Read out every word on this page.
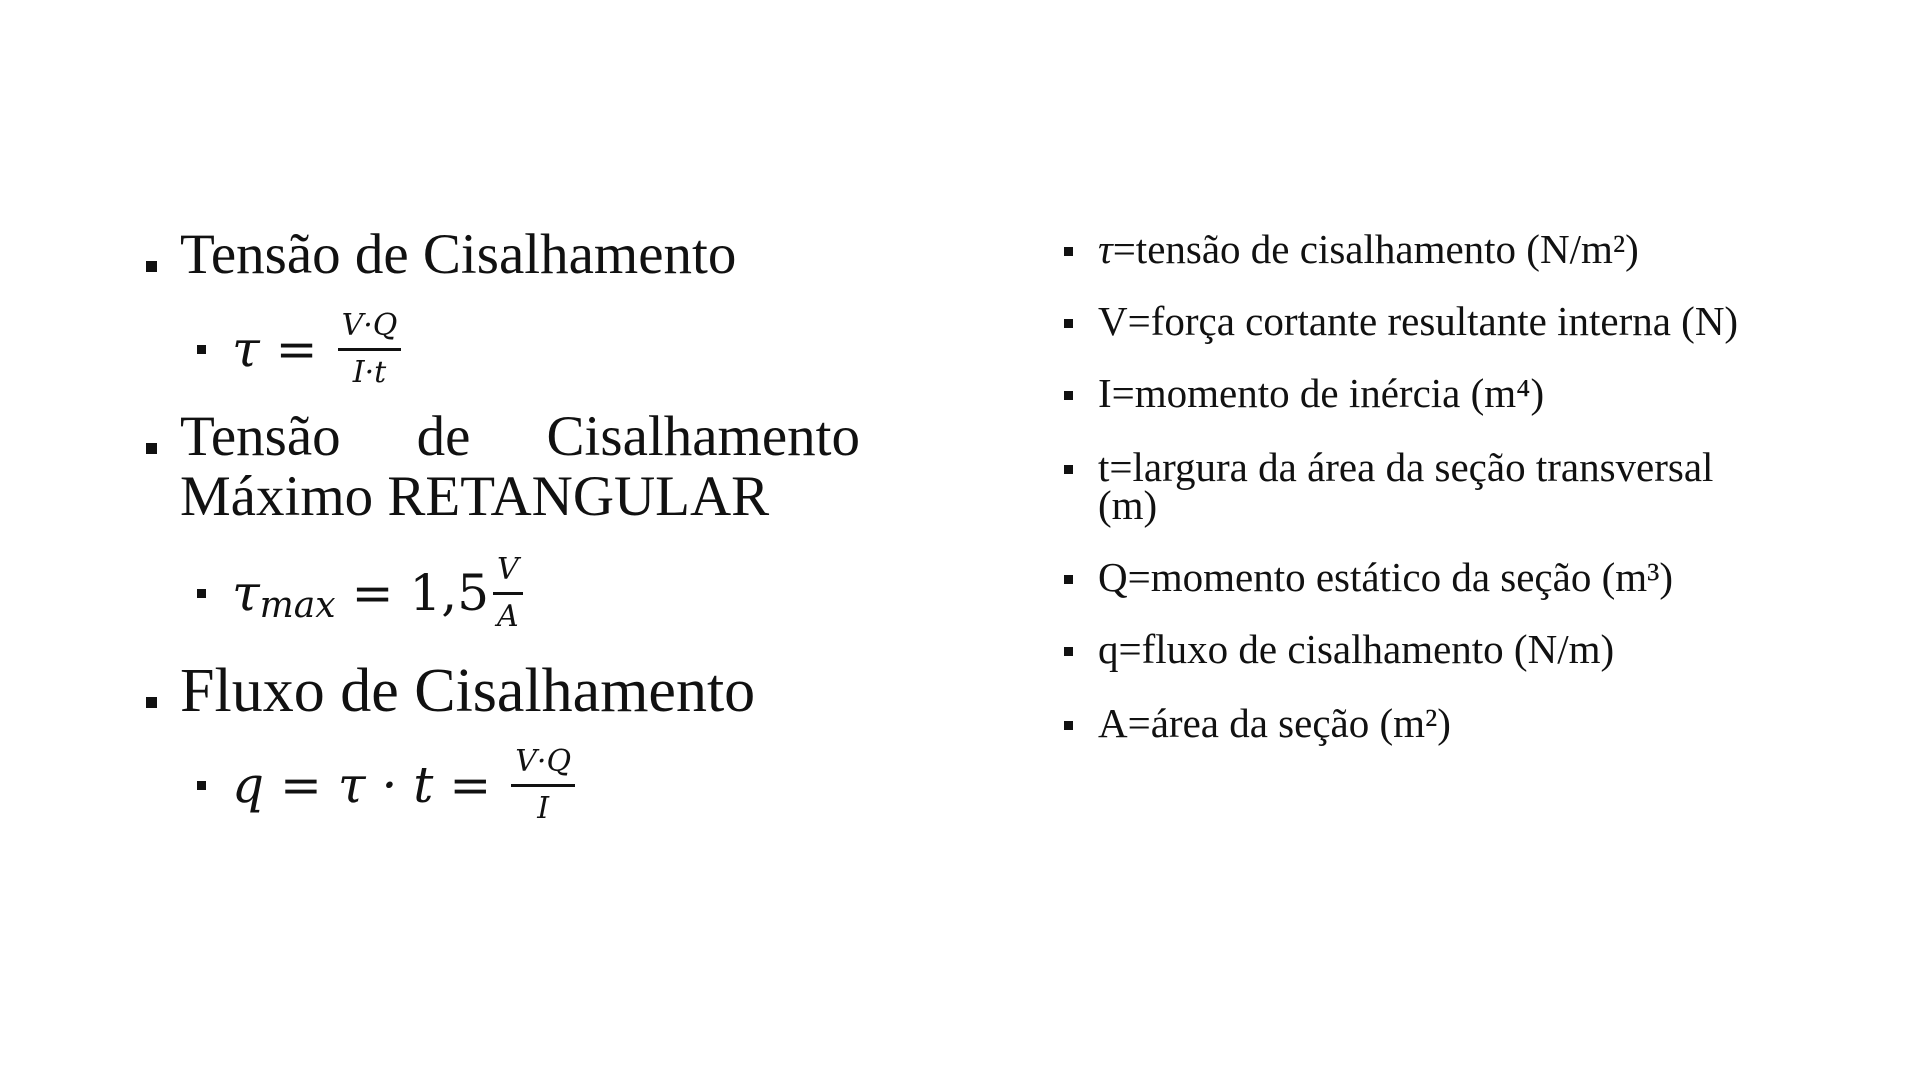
Tensão de Cisalhamento
$\tau = \frac{V\cdot Q}{I\cdot t}$
Tensão de Cisalhamento
Máximo RETANGULAR
τ $\max = 1,5 \frac{V}{A}$
Fluxo de Cisalhamento
$q = \tau \cdot t = \frac{V\cdot Q}{I}$
τ=tensão de cisalhamento (N/m²)
V=força cortante resultante interna (N)
I=momento de inércia (m⁴)
t=largura da área da seção transversal (m)
Q=momento estático da seção (m³)
q=fluxo de cisalhamento (N/m)
A=área da seção (m²)
